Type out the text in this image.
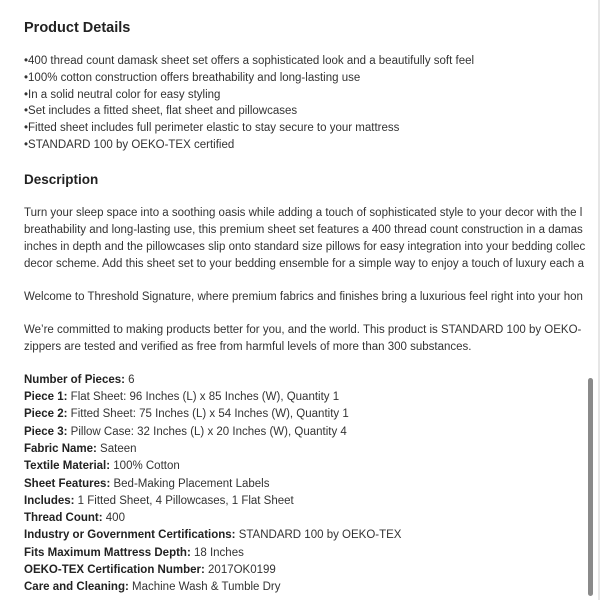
Product Details
•400 thread count damask sheet set offers a sophisticated look and a beautifully soft feel
•100% cotton construction offers breathability and long-lasting use
•In a solid neutral color for easy styling
•Set includes a fitted sheet, flat sheet and pillowcases
•Fitted sheet includes full perimeter elastic to stay secure to your mattress
•STANDARD 100 by OEKO-TEX certified
Description

Turn your sleep space into a soothing oasis while adding a touch of sophisticated style to your decor with the l
breathability and long-lasting use, this premium sheet set features a 400 thread count construction in a damas
inches in depth and the pillowcases slip onto standard size pillows for easy integration into your bedding collec
decor scheme. Add this sheet set to your bedding ensemble for a simple way to enjoy a touch of luxury each a

Welcome to Threshold Signature, where premium fabrics and finishes bring a luxurious feel right into your hon

We’re committed to making products better for you, and the world. This product is STANDARD 100 by OEKO-
zippers are tested and verified as free from harmful levels of more than 300 substances.

Number of Pieces: 6
Piece 1: Flat Sheet: 96 Inches (L) x 85 Inches (W), Quantity 1
Piece 2: Fitted Sheet: 75 Inches (L) x 54 Inches (W), Quantity 1
Piece 3: Pillow Case: 32 Inches (L) x 20 Inches (W), Quantity 4
Fabric Name: Sateen
Textile Material: 100% Cotton
Sheet Features: Bed-Making Placement Labels
Includes: 1 Fitted Sheet, 4 Pillowcases, 1 Flat Sheet
Thread Count: 400
Industry or Government Certifications: STANDARD 100 by OEKO-TEX
Fits Maximum Mattress Depth: 18 Inches
OEKO-TEX Certification Number: 2017OK0199
Care and Cleaning: Machine Wash & Tumble Dry
